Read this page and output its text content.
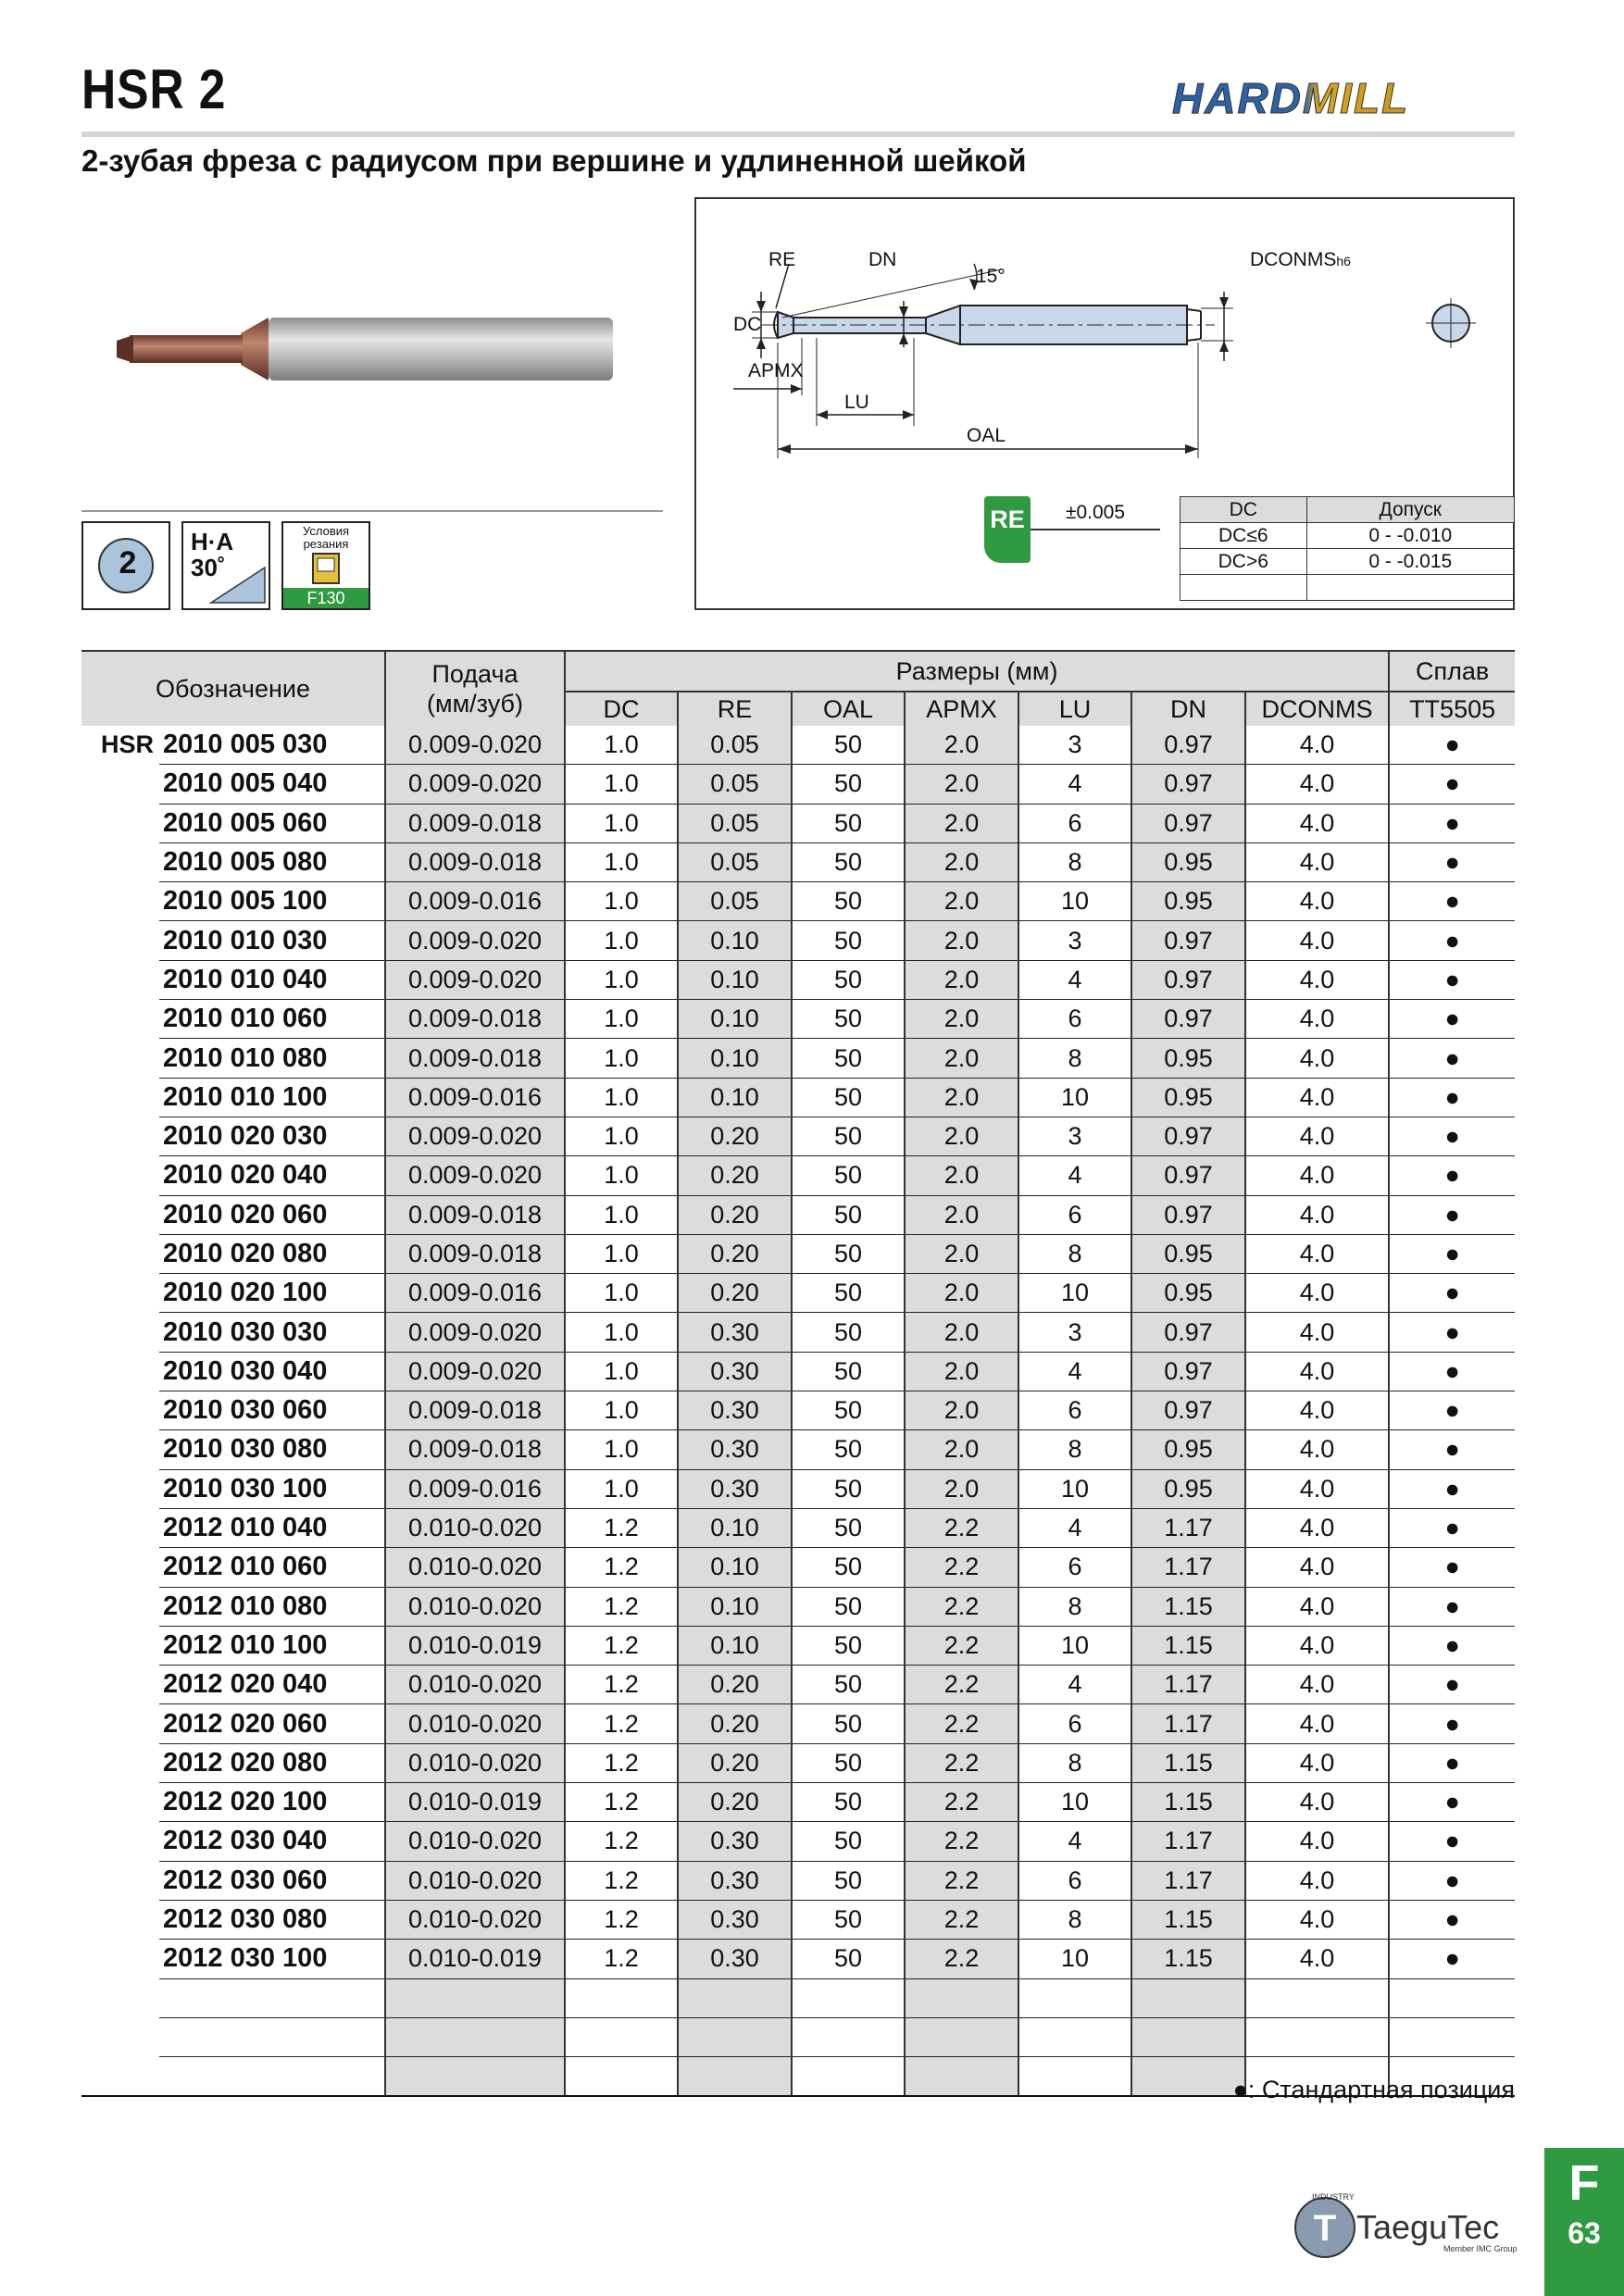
HSR 2	HARDMILL
2-зубая фреза с радиусом при вершине и удлиненной шейкой
2
H·A
30˚
Условия резания
F130
RE	DN
15°
DCONMSh6
DC
APMX
LU
OAL
RE	±0.005	DC	Допуск
DC≤6	0 - -0.010
DC>6	0 - -0.015

Обозначение		Подача (мм/зуб)	Размеры (мм)							Сплав
			DC	RE	OAL	APMX	LU	DN	DCONMS	TT5505
HSR	2010 005 030	0.009-0.020	1.0	0.05	50	2.0	3	0.97	4.0	●
	2010 005 040	0.009-0.020	1.0	0.05	50	2.0	4	0.97	4.0	●
	2010 005 060	0.009-0.018	1.0	0.05	50	2.0	6	0.97	4.0	●
	2010 005 080	0.009-0.018	1.0	0.05	50	2.0	8	0.95	4.0	●
	2010 005 100	0.009-0.016	1.0	0.05	50	2.0	10	0.95	4.0	●
	2010 010 030	0.009-0.020	1.0	0.10	50	2.0	3	0.97	4.0	●
	2010 010 040	0.009-0.020	1.0	0.10	50	2.0	4	0.97	4.0	●
	2010 010 060	0.009-0.018	1.0	0.10	50	2.0	6	0.97	4.0	●
	2010 010 080	0.009-0.018	1.0	0.10	50	2.0	8	0.95	4.0	●
	2010 010 100	0.009-0.016	1.0	0.10	50	2.0	10	0.95	4.0	●
	2010 020 030	0.009-0.020	1.0	0.20	50	2.0	3	0.97	4.0	●
	2010 020 040	0.009-0.020	1.0	0.20	50	2.0	4	0.97	4.0	●
	2010 020 060	0.009-0.018	1.0	0.20	50	2.0	6	0.97	4.0	●
	2010 020 080	0.009-0.018	1.0	0.20	50	2.0	8	0.95	4.0	●
	2010 020 100	0.009-0.016	1.0	0.20	50	2.0	10	0.95	4.0	●
	2010 030 030	0.009-0.020	1.0	0.30	50	2.0	3	0.97	4.0	●
	2010 030 040	0.009-0.020	1.0	0.30	50	2.0	4	0.97	4.0	●
	2010 030 060	0.009-0.018	1.0	0.30	50	2.0	6	0.97	4.0	●
	2010 030 080	0.009-0.018	1.0	0.30	50	2.0	8	0.95	4.0	●
	2010 030 100	0.009-0.016	1.0	0.30	50	2.0	10	0.95	4.0	●
	2012 010 040	0.010-0.020	1.2	0.10	50	2.2	4	1.17	4.0	●
	2012 010 060	0.010-0.020	1.2	0.10	50	2.2	6	1.17	4.0	●
	2012 010 080	0.010-0.020	1.2	0.10	50	2.2	8	1.15	4.0	●
	2012 010 100	0.010-0.019	1.2	0.10	50	2.2	10	1.15	4.0	●
	2012 020 040	0.010-0.020	1.2	0.20	50	2.2	4	1.17	4.0	●
	2012 020 060	0.010-0.020	1.2	0.20	50	2.2	6	1.17	4.0	●
	2012 020 080	0.010-0.020	1.2	0.20	50	2.2	8	1.15	4.0	●
	2012 020 100	0.010-0.019	1.2	0.20	50	2.2	10	1.15	4.0	●
	2012 030 040	0.010-0.020	1.2	0.30	50	2.2	4	1.17	4.0	●
	2012 030 060	0.010-0.020	1.2	0.30	50	2.2	6	1.17	4.0	●
	2012 030 080	0.010-0.020	1.2	0.30	50	2.2	8	1.15	4.0	●
	2012 030 100	0.010-0.019	1.2	0.30	50	2.2	10	1.15	4.0	●

●: Стандартная позиция
T
INDUSTRY
TaeguTec
Member IMC Group
F
63
